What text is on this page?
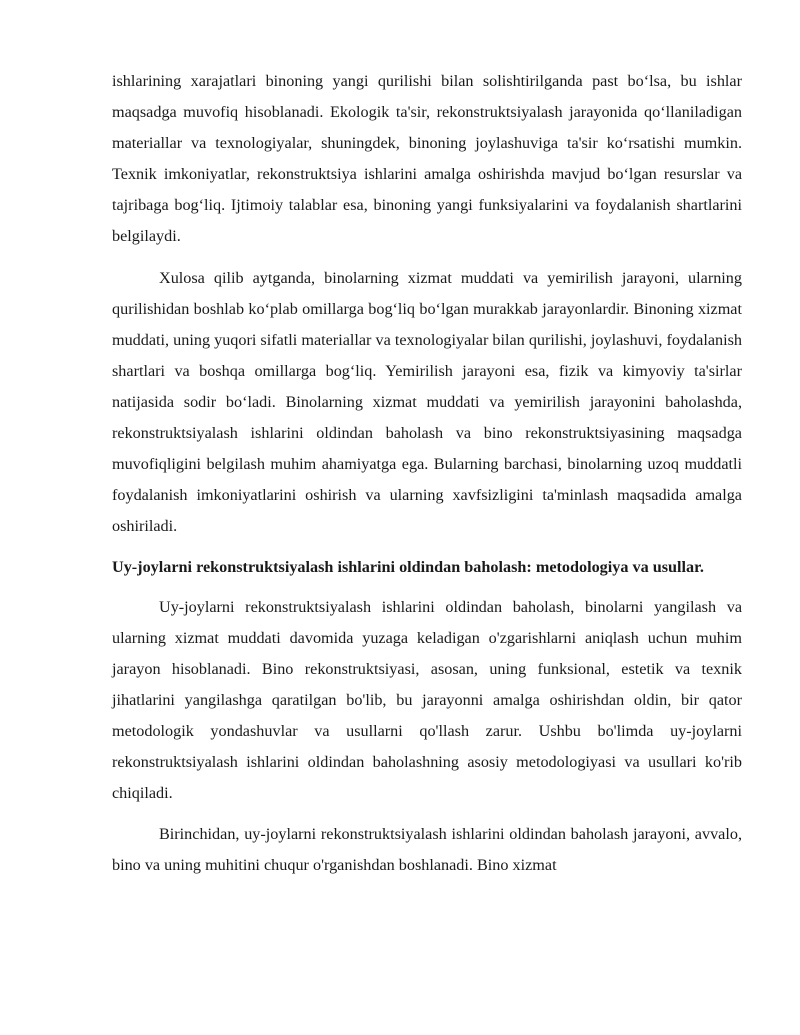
ishlarining xarajatlari binoning yangi qurilishi bilan solishtirilganda past boʻlsa, bu ishlar maqsadga muvofiq hisoblanadi. Ekologik ta'sir, rekonstruktsiyalash jarayonida qoʻllaniladigan materiallar va texnologiyalar, shuningdek, binoning joylashuviga ta'sir koʻrsatishi mumkin. Texnik imkoniyatlar, rekonstruktsiya ishlarini amalga oshirishda mavjud boʻlgan resurslar va tajribaga bogʻliq. Ijtimoiy talablar esa, binoning yangi funksiyalarini va foydalanish shartlarini belgilaydi.

Xulosa qilib aytganda, binolarning xizmat muddati va yemirilish jarayoni, ularning qurilishidan boshlab koʻplab omillarga bogʻliq boʻlgan murakkab jarayonlardir. Binoning xizmat muddati, uning yuqori sifatli materiallar va texnologiyalar bilan qurilishi, joylashuvi, foydalanish shartlari va boshqa omillarga bogʻliq. Yemirilish jarayoni esa, fizik va kimyoviy ta'sirlar natijasida sodir boʻladi. Binolarning xizmat muddati va yemirilish jarayonini baholashda, rekonstruktsiyalash ishlarini oldindan baholash va bino rekonstruktsiyasining maqsadga muvofiqligini belgilash muhim ahamiyatga ega. Bularning barchasi, binolarning uzoq muddatli foydalanish imkoniyatlarini oshirish va ularning xavfsizligini ta'minlash maqsadida amalga oshiriladi.

Uy-joylarni rekonstruktsiyalash ishlarini oldindan baholash: metodologiya va usullar.

Uy-joylarni rekonstruktsiyalash ishlarini oldindan baholash, binolarni yangilash va ularning xizmat muddati davomida yuzaga keladigan o'zgarishlarni aniqlash uchun muhim jarayon hisoblanadi. Bino rekonstruktsiyasi, asosan, uning funksional, estetik va texnik jihatlarini yangilashga qaratilgan bo'lib, bu jarayonni amalga oshirishdan oldin, bir qator metodologik yondashuvlar va usullarni qo'llash zarur. Ushbu bo'limda uy-joylarni rekonstruktsiyalash ishlarini oldindan baholashning asosiy metodologiyasi va usullari ko'rib chiqiladi.

Birinchidan, uy-joylarni rekonstruktsiyalash ishlarini oldindan baholash jarayoni, avvalo, bino va uning muhitini chuqur o'rganishdan boshlanadi. Bino xizmat
